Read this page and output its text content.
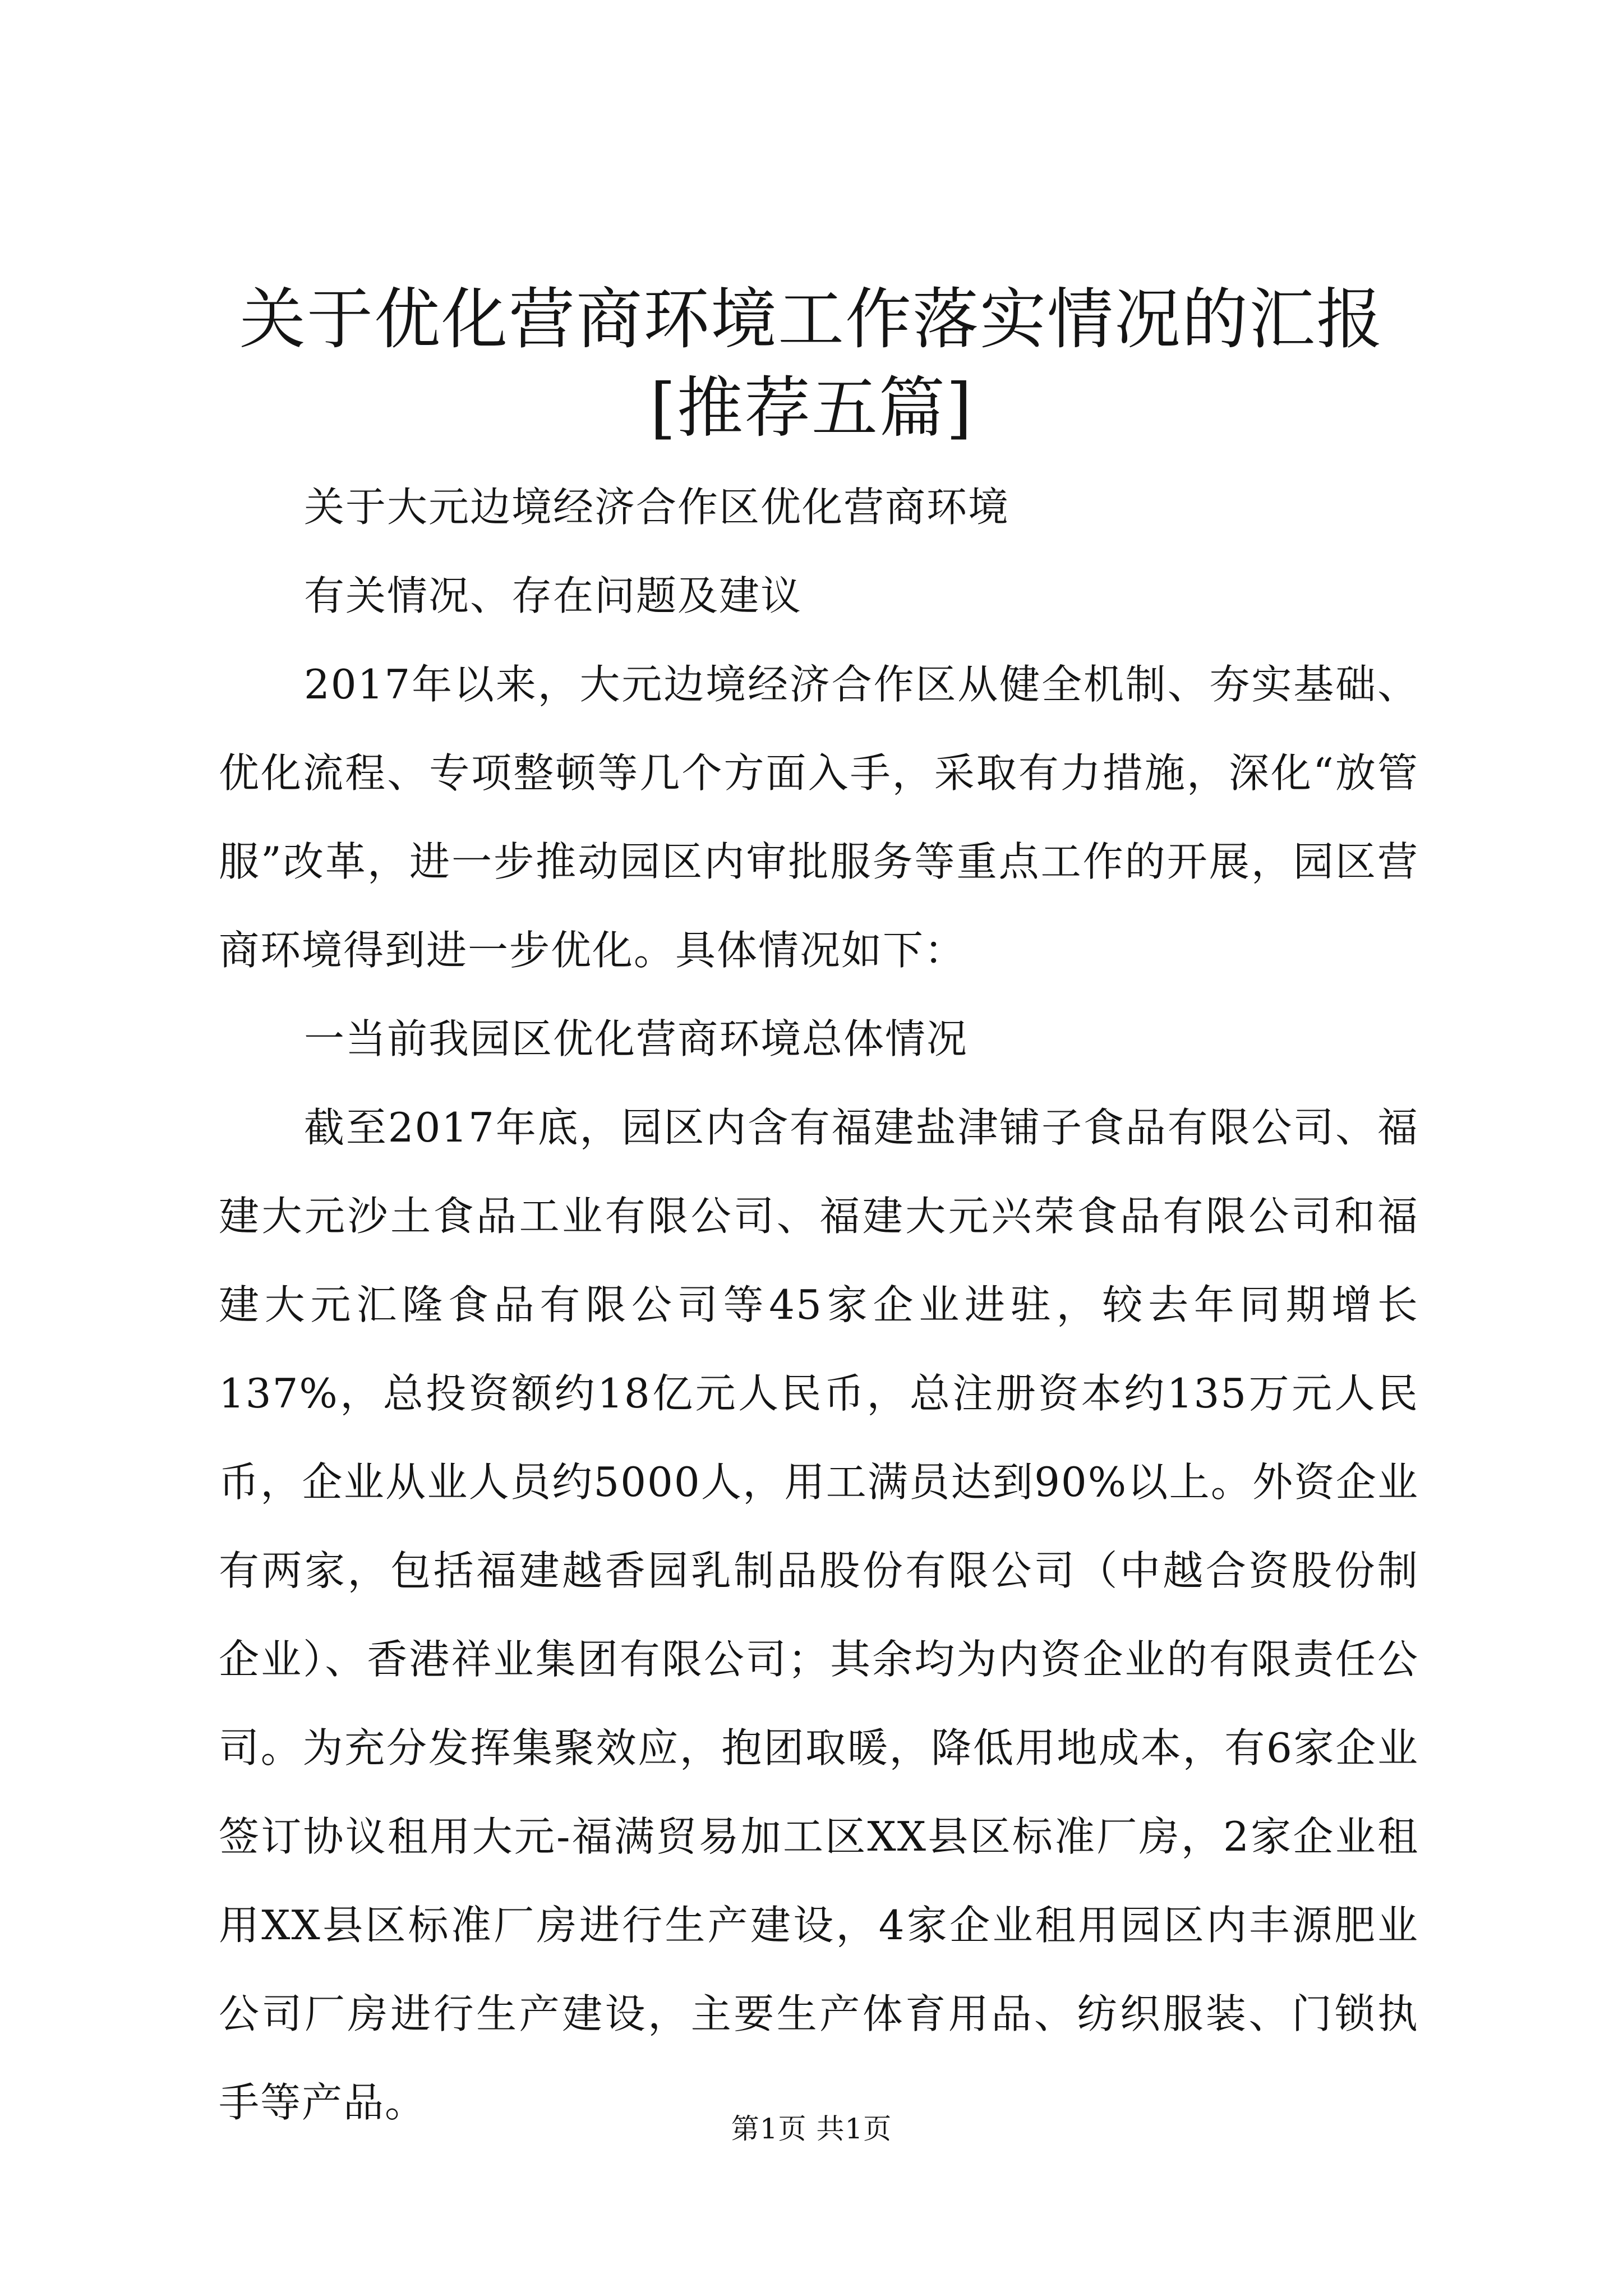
关于优化营商环境工作落实情况的汇报[推荐五篇]

关于大元边境经济合作区优化营商环境

有关情况、存在问题及建议

2017年以来，大元边境经济合作区从健全机制、夯实基础、优化流程、专项整顿等几个方面入手，采取有力措施，深化“放管服”改革，进一步推动园区内审批服务等重点工作的开展，园区营商环境得到进一步优化。具体情况如下：

一当前我园区优化营商环境总体情况

截至2017年底，园区内含有福建盐津铺子食品有限公司、福建大元沙土食品工业有限公司、福建大元兴荣食品有限公司和福建大元汇隆食品有限公司等45家企业进驻，较去年同期增长137%，总投资额约18亿元人民币，总注册资本约135万元人民币，企业从业人员约5000人，用工满员达到90%以上。外资企业有两家，包括福建越香园乳制品股份有限公司（中越合资股份制企业）、香港祥业集团有限公司；其余均为内资企业的有限责任公司。为充分发挥集聚效应，抱团取暖，降低用地成本，有6家企业签订协议租用大元-福满贸易加工区XX县区标准厂房，2家企业租用XX县区标准厂房进行生产建设，4家企业租用园区内丰源肥业公司厂房进行生产建设，主要生产体育用品、纺织服装、门锁执手等产品。

第1页 共1页
